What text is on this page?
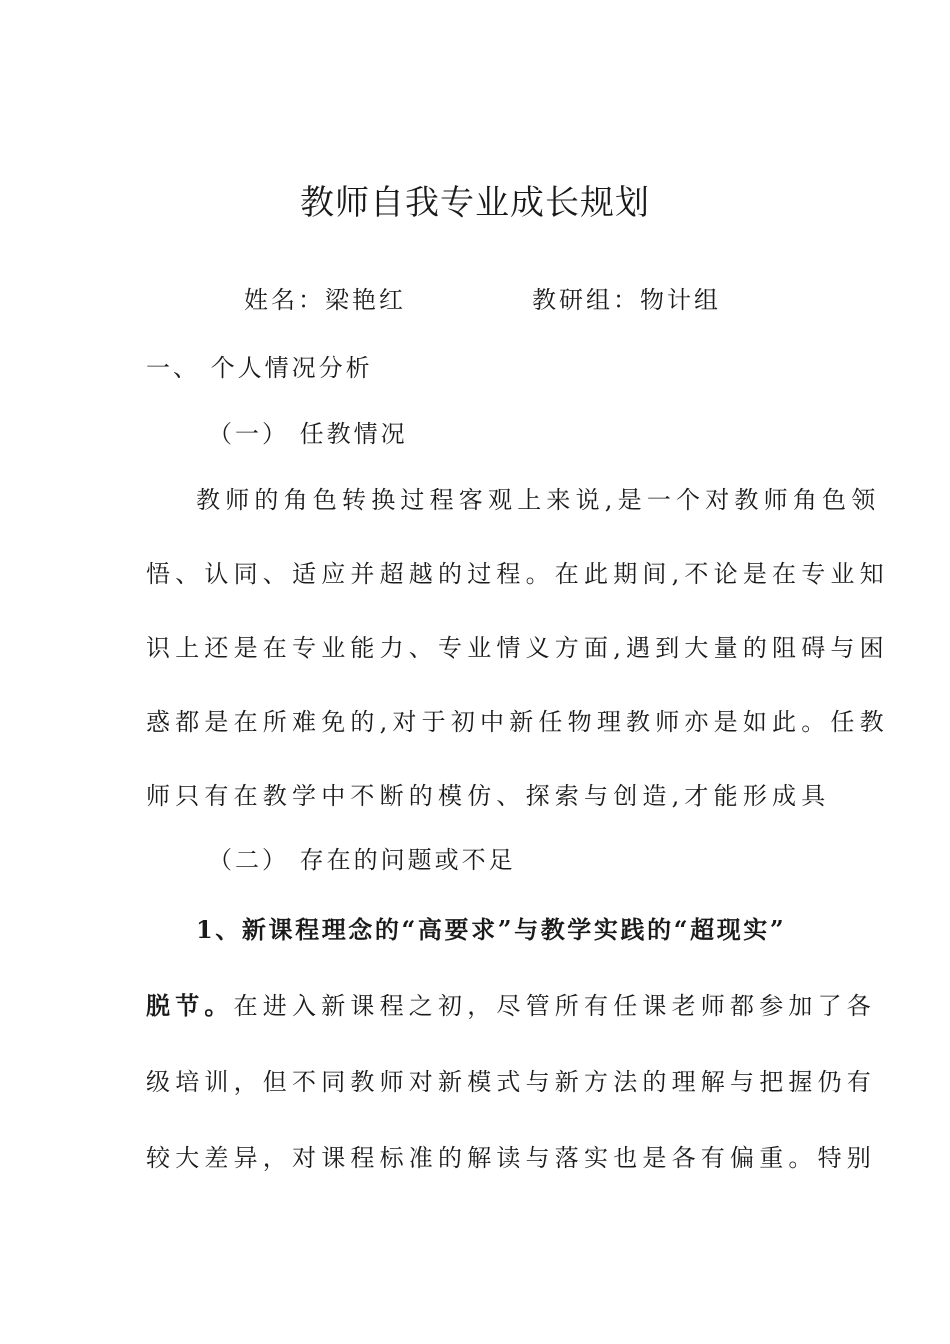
教师自我专业成长规划
姓名：梁艳红	教研组：物计组
一、 个人情况分析
（一） 任教情况
教师的角色转换过程客观上来说,是一个对教师角色领
悟、认同、适应并超越的过程。在此期间,不论是在专业知
识上还是在专业能力、专业情义方面,遇到大量的阻碍与困
惑都是在所难免的,对于初中新任物理教师亦是如此。任教
师只有在教学中不断的模仿、探索与创造,才能形成具
（二） 存在的问题或不足
1、新课程理念的“高要求”与教学实践的“超现实”
脱节。在进入新课程之初，尽管所有任课老师都参加了各
级培训，但不同教师对新模式与新方法的理解与把握仍有
较大差异，对课程标准的解读与落实也是各有偏重。特别
